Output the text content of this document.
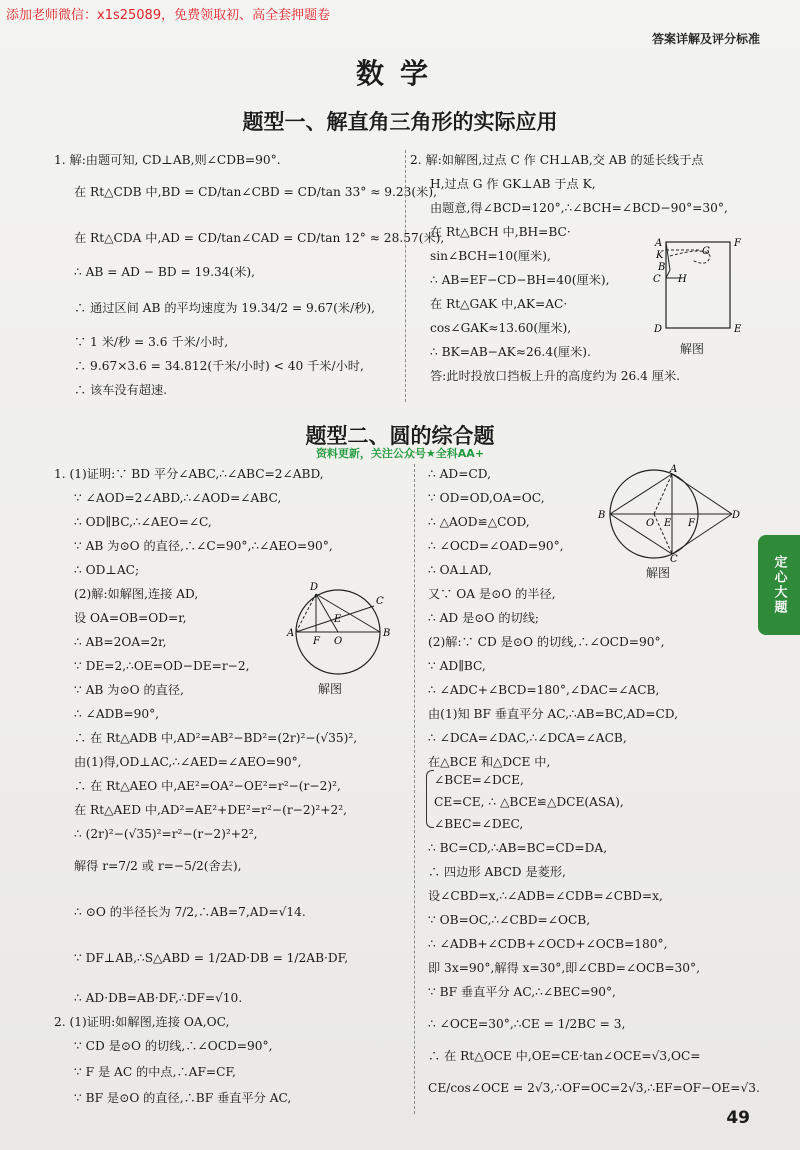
添加老师微信：x1s25089，免费领取初、高全套押题卷
答案详解及评分标准
数学
题型一、解直角三角形的实际应用
1. 解:由题可知, CD⊥AB,则∠CDB=90°.
在 Rt△CDB 中,BD = CD/tan∠CBD = CD/tan 33° ≈ 9.23(米),
在 Rt△CDA 中,AD = CD/tan∠CAD = CD/tan 12° ≈ 28.57(米),
∴ AB = AD − BD = 19.34(米),
∴ 通过区间 AB 的平均速度为 19.34/2 = 9.67(米/秒),
∵ 1 米/秒 = 3.6 千米/小时,
∴ 9.67×3.6 = 34.812(千米/小时) < 40 千米/小时,
∴ 该车没有超速.
2. 解:如解图,过点 C 作 CH⊥AB,交 AB 的延长线于点
H,过点 G 作 GK⊥AB 于点 K,
由题意,得∠BCD=120°,∴∠BCH=∠BCD−90°=30°,
在 Rt△BCH 中,BH=BC·
sin∠BCH=10(厘米),
∴ AB=EF−CD−BH=40(厘米),
在 Rt△GAK 中,AK=AC·
cos∠GAK≈13.60(厘米),
∴ BK=AB−AK≈26.4(厘米).
答:此时投放口挡板上升的高度约为 26.4 厘米.
A
K	G
F
B
C H
D	E
解图
题型二、圆的综合题
资料更新，关注公众号★全科AA+
1. (1)证明:∵ BD 平分∠ABC,∴∠ABC=2∠ABD,
∵ ∠AOD=2∠ABD,∴∠AOD=∠ABC,
∴ OD∥BC,∴∠AEO=∠C,
∵ AB 为⊙O 的直径,∴∠C=90°,∴∠AEO=90°,
∴ OD⊥AC;
(2)解:如解图,连接 AD,
设 OA=OB=OD=r,
∴ AB=2OA=2r,
∵ DE=2,∴OE=OD−DE=r−2,
∵ AB 为⊙O 的直径,
∴ ∠ADB=90°,
∴ 在 Rt△ADB 中,AD²=AB²−BD²=(2r)²−(√35)²,
由(1)得,OD⊥AC,∴∠AED=∠AEO=90°,
∴ 在 Rt△AEO 中,AE²=OA²−OE²=r²−(r−2)²,
在 Rt△AED 中,AD²=AE²+DE²=r²−(r−2)²+2²,
∴ (2r)²−(√35)²=r²−(r−2)²+2²,
解得 r=7/2 或 r=−5/2(舍去),
∴ ⊙O 的半径长为 7/2,∴AB=7,AD=√14.
∵ DF⊥AB,∴S△ABD = 1/2AD·DB = 1/2AB·DF,
∴ AD·DB=AB·DF,∴DF=√10.
2. (1)证明:如解图,连接 OA,OC,
∵ CD 是⊙O 的切线,∴∠OCD=90°,
∵ F 是 AC 的中点,∴AF=CF,
∵ BF 是⊙O 的直径,∴BF 垂直平分 AC,
D
A
F O
E
C
B
解图
∴ AD=CD,
∵ OD=OD,OA=OC,
∴ △AOD≌△COD,
∴ ∠OCD=∠OAD=90°,
∴ OA⊥AD,
又∵ OA 是⊙O 的半径,
∴ AD 是⊙O 的切线;
(2)解:∵ CD 是⊙O 的切线,∴∠OCD=90°,
∵ AD∥BC,
∴ ∠ADC+∠BCD=180°,∠DAC=∠ACB,
由(1)知 BF 垂直平分 AC,∴AB=BC,AD=CD,
∴ ∠DCA=∠DAC,∴∠DCA=∠ACB,
在△BCE 和△DCE 中,
∠BCE=∠DCE,
CE=CE, ∴ △BCE≌△DCE(ASA),
∠BEC=∠DEC,
∴ BC=CD,∴AB=BC=CD=DA,
∴ 四边形 ABCD 是菱形,
设∠CBD=x,∴∠ADB=∠CDB=∠CBD=x,
∵ OB=OC,∴∠CBD=∠OCB,
∴ ∠ADB+∠CDB+∠OCD+∠OCB=180°,
即 3x=90°,解得 x=30°,即∠CBD=∠OCB=30°,
∵ BF 垂直平分 AC,∴∠BEC=90°,
∴ ∠OCE=30°,∴CE = 1/2BC = 3,
∴ 在 Rt△OCE 中,OE=CE·tan∠OCE=√3,OC=
CE/cos∠OCE = 2√3,∴OF=OC=2√3,∴EF=OF−OE=√3.
A
B
O E F
C
D
解图	定心大题
49
